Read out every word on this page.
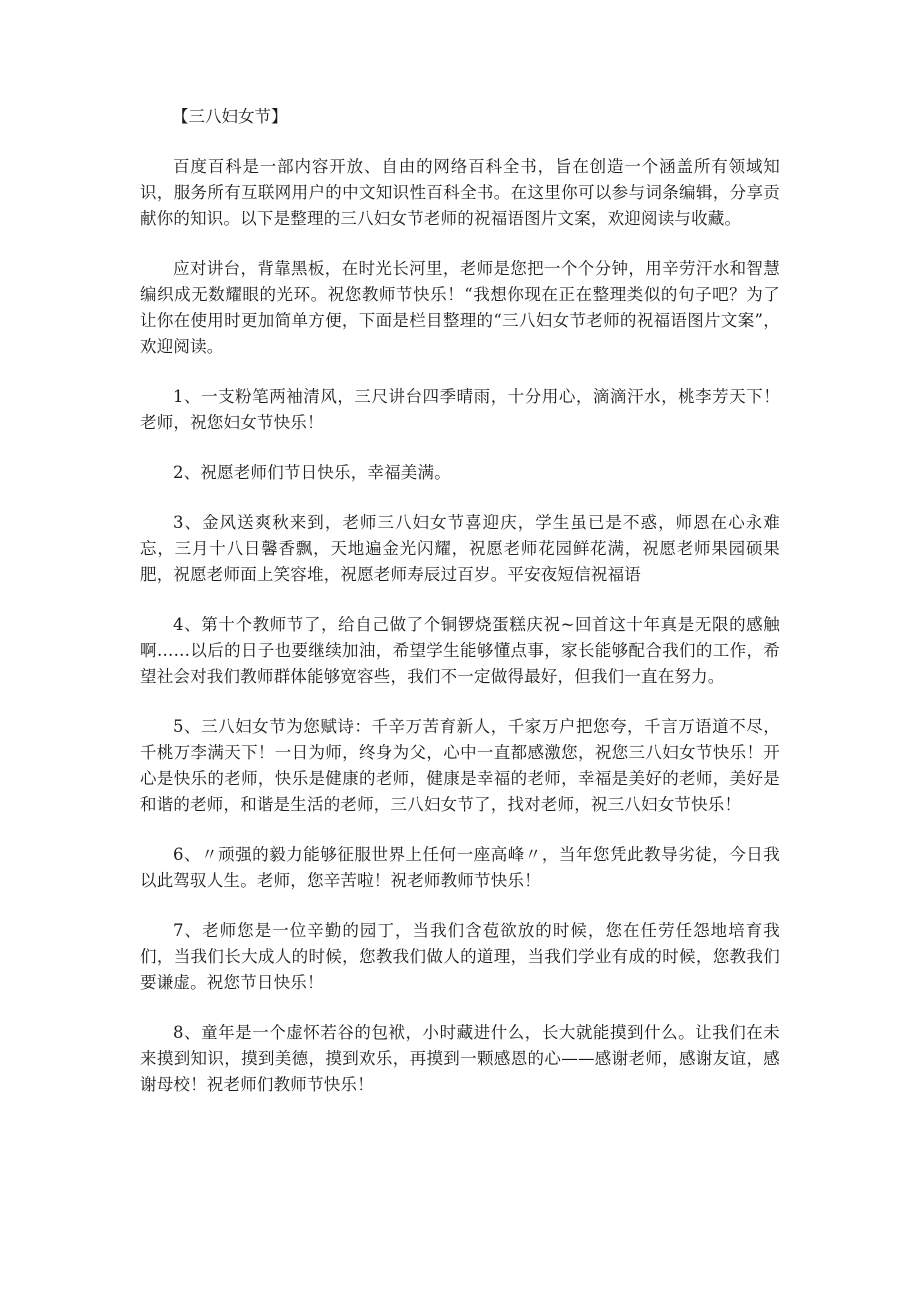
【三八妇女节】

百度百科是一部内容开放、自由的网络百科全书，旨在创造一个涵盖所有领域知识，服务所有互联网用户的中文知识性百科全书。在这里你可以参与词条编辑，分享贡献你的知识。以下是整理的三八妇女节老师的祝福语图片文案，欢迎阅读与收藏。

应对讲台，背靠黑板，在时光长河里，老师是您把一个个分钟，用辛劳汗水和智慧编织成无数耀眼的光环。祝您教师节快乐！“我想你现在正在整理类似的句子吧？为了让你在使用时更加简单方便，下面是栏目整理的“三八妇女节老师的祝福语图片文案”，欢迎阅读。

1、一支粉笔两袖清风，三尺讲台四季晴雨，十分用心，滴滴汗水，桃李芳天下！老师，祝您妇女节快乐！

2、祝愿老师们节日快乐，幸福美满。

3、金风送爽秋来到，老师三八妇女节喜迎庆，学生虽已是不惑，师恩在心永难忘，三月十八日馨香飘，天地遍金光闪耀，祝愿老师花园鲜花满，祝愿老师果园硕果肥，祝愿老师面上笑容堆，祝愿老师寿辰过百岁。平安夜短信祝福语

4、第十个教师节了，给自己做了个铜锣烧蛋糕庆祝~回首这十年真是无限的感触啊……以后的日子也要继续加油，希望学生能够懂点事，家长能够配合我们的工作，希望社会对我们教师群体能够宽容些，我们不一定做得最好，但我们一直在努力。

5、三八妇女节为您赋诗：千辛万苦育新人，千家万户把您夸，千言万语道不尽，千桃万李满天下！一日为师，终身为父，心中一直都感激您，祝您三八妇女节快乐！开心是快乐的老师，快乐是健康的老师，健康是幸福的老师，幸福是美好的老师，美好是和谐的老师，和谐是生活的老师，三八妇女节了，找对老师，祝三八妇女节快乐！

6、〃顽强的毅力能够征服世界上任何一座高峰〃，当年您凭此教导劣徒，今日我以此驾驭人生。老师，您辛苦啦！祝老师教师节快乐！

7、老师您是一位辛勤的园丁，当我们含苞欲放的时候，您在任劳任怨地培育我们，当我们长大成人的时候，您教我们做人的道理，当我们学业有成的时候，您教我们要谦虚。祝您节日快乐！

8、童年是一个虚怀若谷的包袱，小时藏进什么，长大就能摸到什么。让我们在未来摸到知识，摸到美德，摸到欢乐，再摸到一颗感恩的心——感谢老师，感谢友谊，感谢母校！祝老师们教师节快乐！
